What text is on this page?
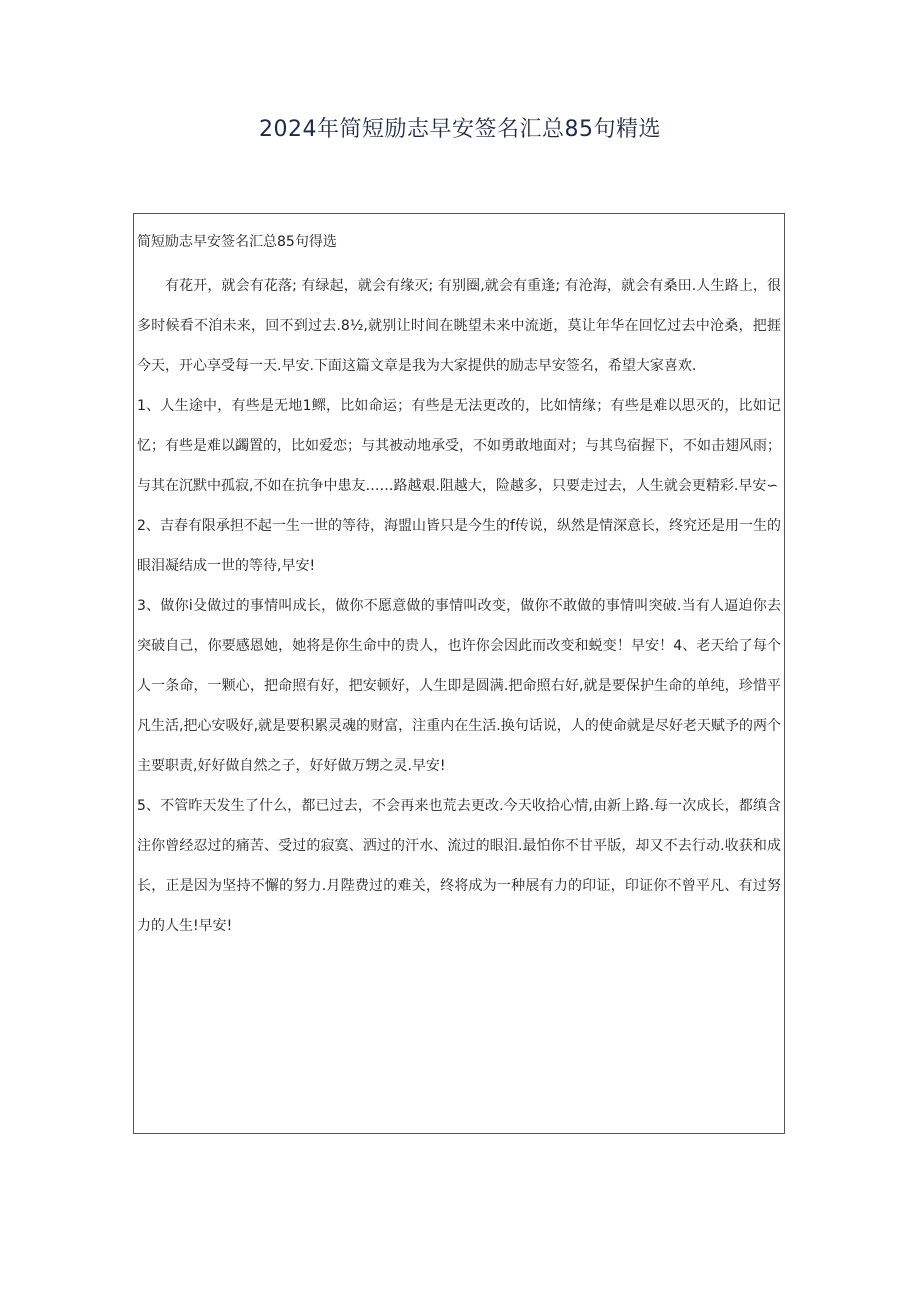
2024年简短励志早安签名汇总85句精选

简短励志早安签名汇总85句得选

有花开，就会有花落; 有绿起，就会有缘灭; 有别圈,就会有重逢; 有沧海，就会有桑田.人生路上，很多时候看不洎未来，回不到过去.8½,就别让时间在眺望未来中流逝，莫让年华在回忆过去中沧桑，把捱今天，开心享受每一天.早安.下面这篇文章是我为大家提供的励志早安签名，希望大家喜欢.

1、人生途中，有些是无地1鳏，比如命运；有些是无法更改的，比如情缘；有些是难以思灭的，比如记忆；有些是难以蠲置的，比如爱恋；与其被动地承受，不如勇敢地面对；与其鸟宿握下，不如击翅风雨；与其在沉默中孤寂,不如在抗争中患友……路越艰.阻越大，险越多，只要走过去，人生就会更精彩.早安∽

2、吉春有限承担不起一生一世的等待，海盟山皆只是今生的f传说，纵然是情深意长，终究还是用一生的眼泪凝结成一世的等待,早安!

3、做你i殳做过的事情叫成长，做你不愿意做的事情叫改变，做你不敢做的事情叫突破.当有人逼迫你去突破自己，你要感恩她，她将是你生命中的贵人，也许你会因此而改变和蜕变！早安！4、老天给了每个人一条命，一颗心，把命照有好，把安顿好，人生即是圆满.把命照右好,就是要保护生命的单纯，珍惜平凡生活,把心安吸好,就是要积累灵魂的财富，注重内在生活.换句话说，人的使命就是尽好老天赋予的两个主要职责,好好做自然之子，好好做万甥之灵.早安!

5、不管昨天发生了什么，都已过去，不会再来也荒去更改.今天收拾心情,由新上路.每一次成长，都缜含注你曾经忍过的痛苦、受过的寂寞、洒过的汗水、流过的眼泪.最怕你不甘平版，却又不去行动.收获和成长，正是因为坚持不懈的努力.月陛费过的难关，终将成为一种展有力的印证，印证你不曾平凡、有过努力的人生!早安!
